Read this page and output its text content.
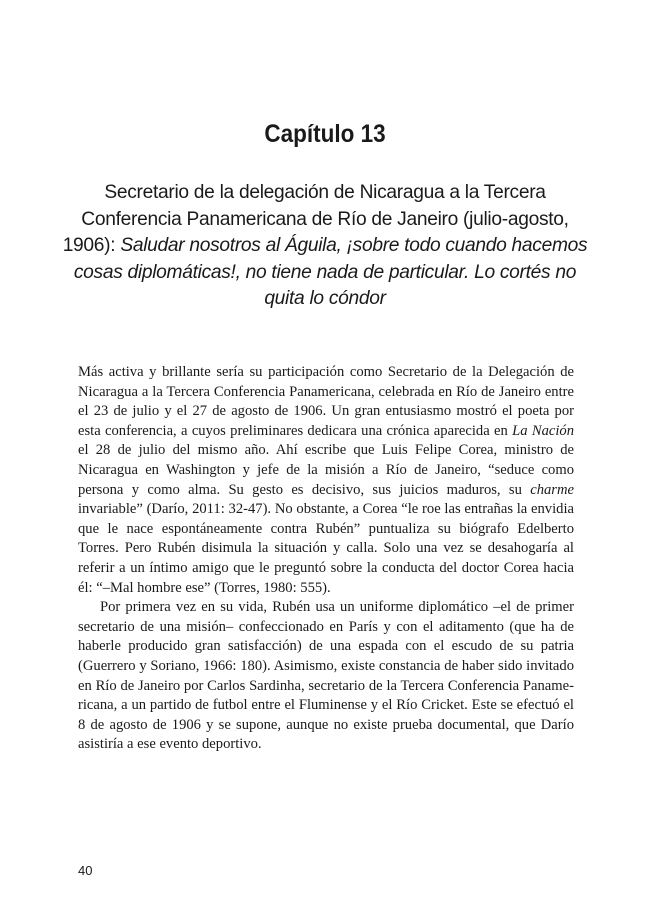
Capítulo 13
Secretario de la delegación de Nicaragua a la Tercera Conferencia Panamericana de Río de Janeiro (julio-agosto, 1906): Saludar nosotros al Águila, ¡sobre todo cuando hacemos cosas diplomáticas!, no tiene nada de particular. Lo cortés no quita lo cóndor

Más activa y brillante sería su participación como Secretario de la Delegación de Nicaragua a la Tercera Conferencia Panamericana, celebrada en Río de Janeiro entre el 23 de julio y el 27 de agosto de 1906. Un gran entusiasmo mostró el poeta por esta conferencia, a cuyos preliminares dedicara una crónica aparecida en La Nación el 28 de julio del mismo año. Ahí escribe que Luis Felipe Corea, ministro de Nicaragua en Washington y jefe de la misión a Río de Janeiro, “seduce como persona y como alma. Su gesto es decisivo, sus juicios maduros, su charme invariable” (Darío, 2011: 32-47). No obstante, a Corea “le roe las entrañas la envidia que le nace espontáneamente contra Rubén” puntualiza su biógrafo Edelberto Torres. Pero Rubén disimula la situación y calla. Solo una vez se desahogaría al referir a un íntimo amigo que le preguntó sobre la conducta del doctor Corea hacia él: “–Mal hombre ese” (Torres, 1980: 555).

Por primera vez en su vida, Rubén usa un uniforme diplomático –el de primer secretario de una misión– confeccionado en París y con el aditamento (que ha de haberle producido gran satisfacción) de una espada con el escudo de su patria (Guerrero y Soriano, 1966: 180). Asimismo, existe constancia de haber sido invitado en Río de Janeiro por Carlos Sardinha, secretario de la Tercera Conferencia Panamericana, a un partido de futbol entre el Fluminense y el Río Cricket. Este se efectuó el 8 de agosto de 1906 y se supone, aunque no existe prueba documental, que Darío asistiría a ese evento deportivo.

40
